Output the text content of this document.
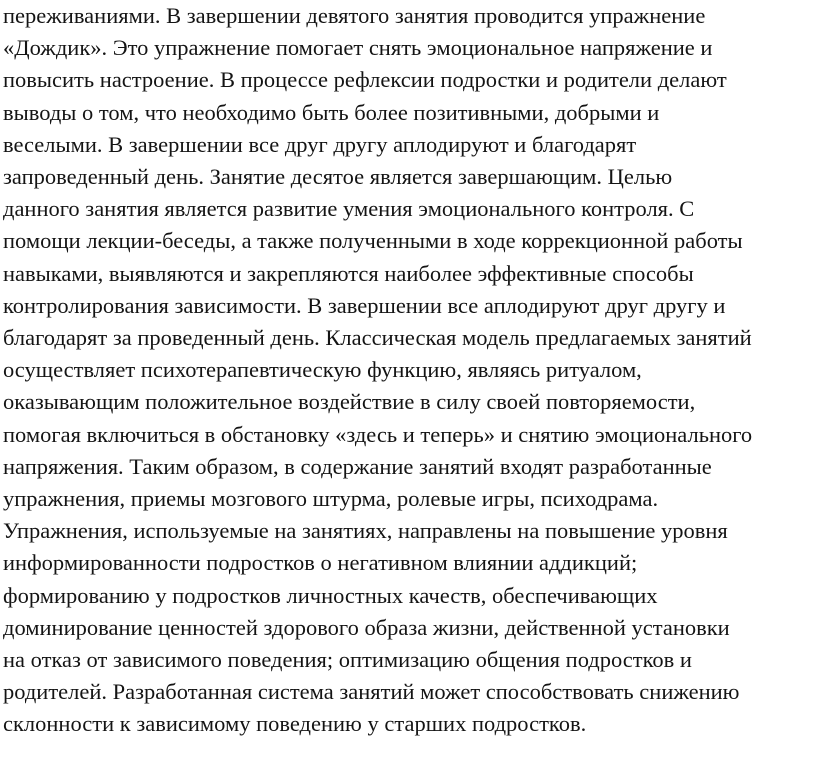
переживаниями. В завершении девятого занятия проводится упражнение
«Дождик». Это упражнение помогает снять эмоциональное напряжение и
повысить настроение. В процессе рефлексии подростки и родители делают
выводы о том, что необходимо быть более позитивными, добрыми и
веселыми. В завершении все друг другу аплодируют и благодарят
запроведенный день. Занятие десятое является завершающим. Целью
данного занятия является развитие умения эмоционального контроля. С
помощи лекции-беседы, а также полученными в ходе коррекционной работы
навыками, выявляются и закрепляются наиболее эффективные способы
контролирования зависимости. В завершении все аплодируют друг другу и
благодарят за проведенный день. Классическая модель предлагаемых занятий
осуществляет психотерапевтическую функцию, являясь ритуалом,
оказывающим положительное воздействие в силу своей повторяемости,
помогая включиться в обстановку «здесь и теперь» и снятию эмоционального
напряжения. Таким образом, в содержание занятий входят разработанные
упражнения, приемы мозгового штурма, ролевые игры, психодрама.
Упражнения, используемые на занятиях, направлены на повышение уровня
информированности подростков о негативном влиянии аддикций;
формированию у подростков личностных качеств, обеспечивающих
доминирование ценностей здорового образа жизни, действенной установки
на отказ от зависимого поведения; оптимизацию общения подростков и
родителей. Разработанная система занятий может способствовать снижению
склонности к зависимому поведению у старших подростков.
